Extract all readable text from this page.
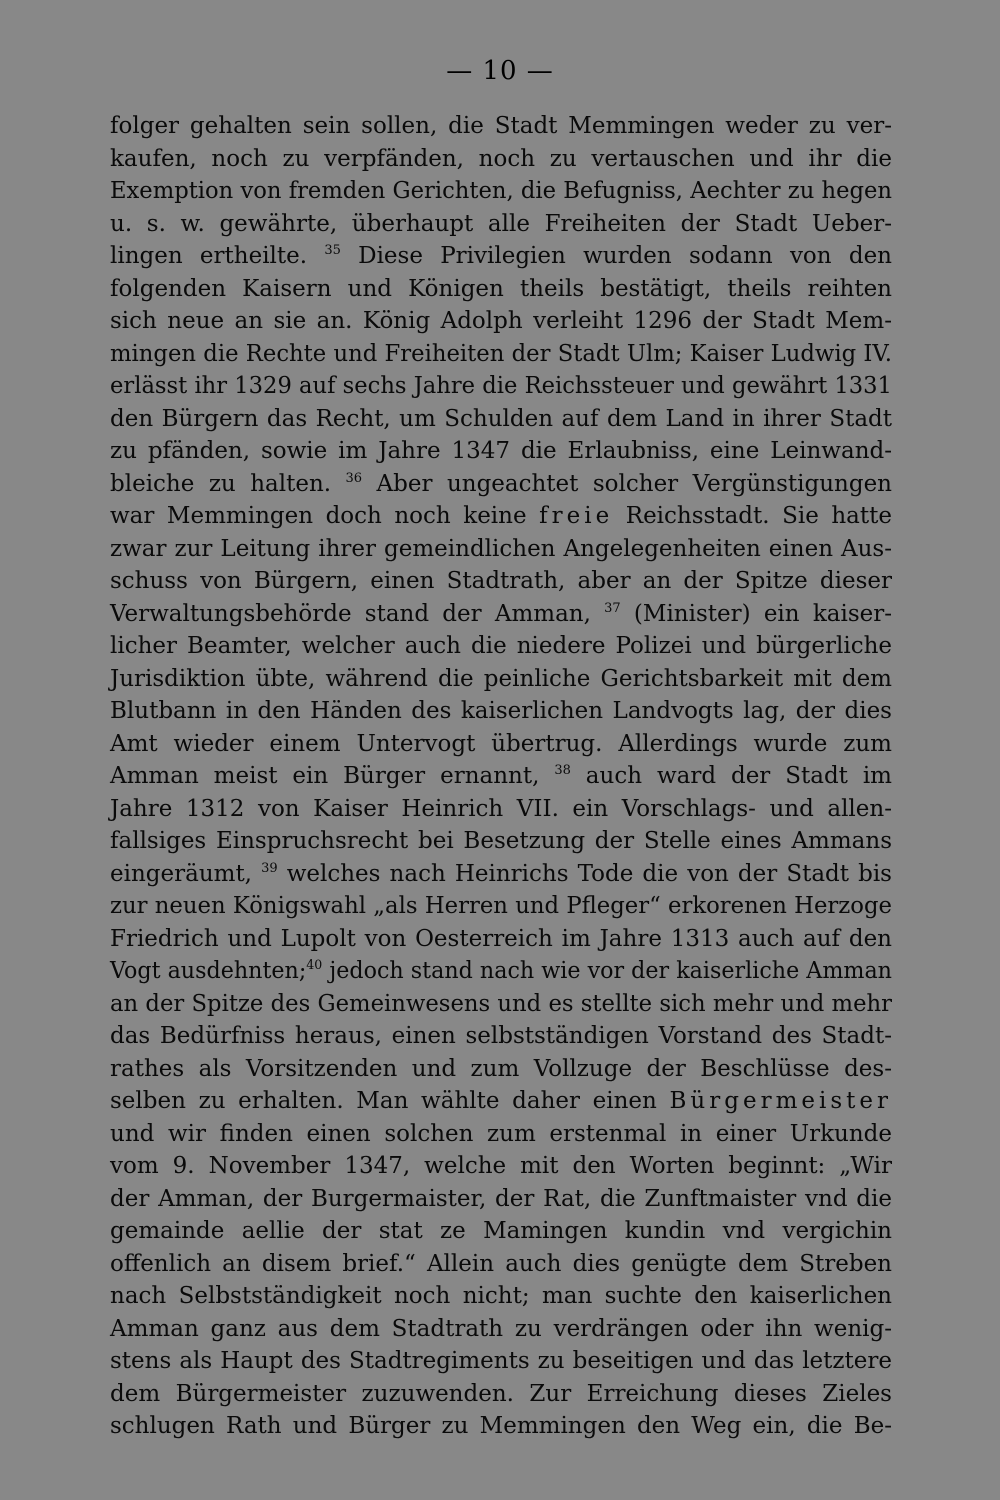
— 10 —
folger gehalten sein sollen, die Stadt Memmingen weder zu ver-
kaufen, noch zu verpfänden, noch zu vertauschen und ihr die
Exemption von fremden Gerichten, die Befugniss, Aechter zu hegen
u. s. w. gewährte, überhaupt alle Freiheiten der Stadt Ueber-
lingen ertheilte. $^{35}$ Diese Privilegien wurden sodann von den
folgenden Kaisern und Königen theils bestätigt, theils reihten
sich neue an sie an. König Adolph verleiht 1296 der Stadt Mem-
mingen die Rechte und Freiheiten der Stadt Ulm; Kaiser Ludwig IV.
erlässt ihr 1329 auf sechs Jahre die Reichssteuer und gewährt 1331
den Bürgern das Recht, um Schulden auf dem Land in ihrer Stadt
zu pfänden, sowie im Jahre 1347 die Erlaubniss, eine Leinwand-
bleiche zu halten. $^{36}$ Aber ungeachtet solcher Vergünstigungen
war Memmingen doch noch keine freie Reichsstadt. Sie hatte
zwar zur Leitung ihrer gemeindlichen Angelegenheiten einen Aus-
schuss von Bürgern, einen Stadtrath, aber an der Spitze dieser
Verwaltungsbehörde stand der Amman, $^{37}$ (Minister) ein kaiser-
licher Beamter, welcher auch die niedere Polizei und bürgerliche
Jurisdiktion übte, während die peinliche Gerichtsbarkeit mit dem
Blutbann in den Händen des kaiserlichen Landvogts lag, der dies
Amt wieder einem Untervogt übertrug. Allerdings wurde zum
Amman meist ein Bürger ernannt, $^{38}$ auch ward der Stadt im
Jahre 1312 von Kaiser Heinrich VII. ein Vorschlags- und allen-
fallsiges Einspruchsrecht bei Besetzung der Stelle eines Ammans
eingeräumt, $^{39}$ welches nach Heinrichs Tode die von der Stadt bis
zur neuen Königswahl „als Herren und Pfleger“ erkorenen Herzoge
Friedrich und Lupolt von Oesterreich im Jahre 1313 auch auf den
Vogt ausdehnten;$^{40}$ jedoch stand nach wie vor der kaiserliche Amman
an der Spitze des Gemeinwesens und es stellte sich mehr und mehr
das Bedürfniss heraus, einen selbstständigen Vorstand des Stadt-
rathes als Vorsitzenden und zum Vollzuge der Beschlüsse des-
selben zu erhalten. Man wählte daher einen Bürgermeister
und wir finden einen solchen zum erstenmal in einer Urkunde
vom 9. November 1347, welche mit den Worten beginnt: „Wir
der Amman, der Burgermaister, der Rat, die Zunftmaister vnd die
gemainde aellie der stat ze Mamingen kundin vnd vergichin
offenlich an disem brief.“ Allein auch dies genügte dem Streben
nach Selbstständigkeit noch nicht; man suchte den kaiserlichen
Amman ganz aus dem Stadtrath zu verdrängen oder ihn wenig-
stens als Haupt des Stadtregiments zu beseitigen und das letztere
dem Bürgermeister zuzuwenden. Zur Erreichung dieses Zieles
schlugen Rath und Bürger zu Memmingen den Weg ein, die Be-
